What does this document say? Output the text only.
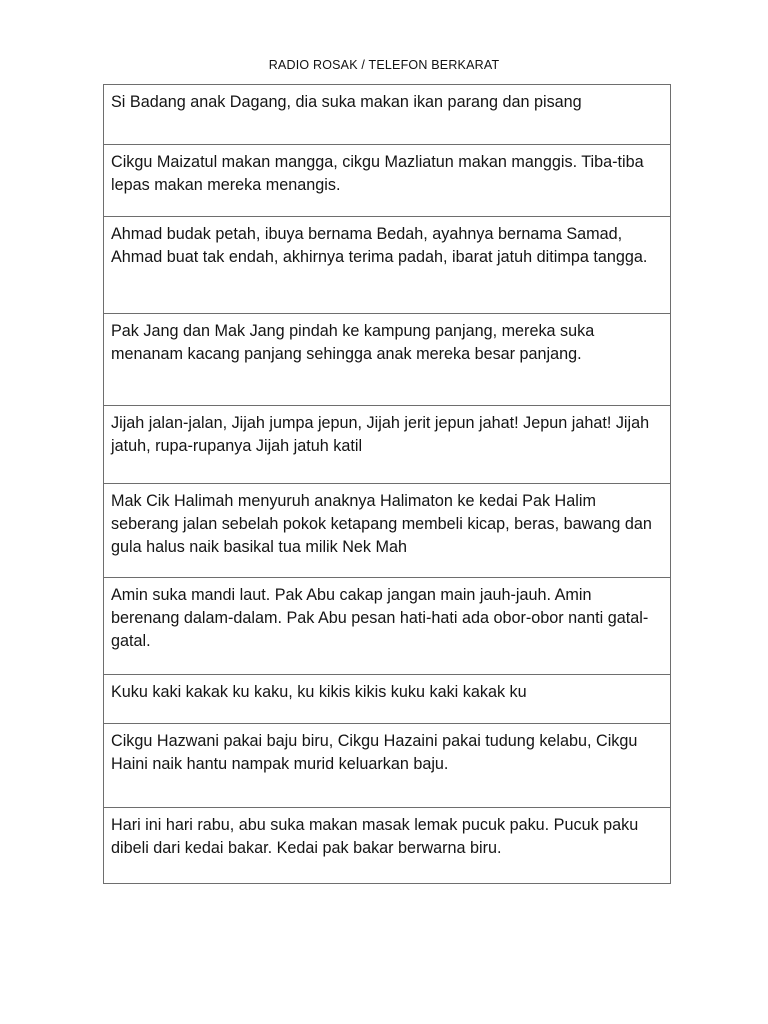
RADIO ROSAK / TELEFON BERKARAT
Si Badang anak Dagang, dia suka makan ikan parang dan pisang
Cikgu Maizatul makan mangga, cikgu Mazliatun makan manggis. Tiba-tiba lepas makan mereka menangis.
Ahmad budak petah, ibuya bernama Bedah, ayahnya bernama Samad, Ahmad buat tak endah, akhirnya terima padah, ibarat jatuh ditimpa tangga.
Pak Jang dan Mak Jang pindah ke kampung panjang, mereka suka menanam kacang panjang sehingga anak mereka besar panjang.
Jijah jalan-jalan, Jijah jumpa jepun, Jijah jerit jepun jahat! Jepun jahat! Jijah jatuh, rupa-rupanya Jijah jatuh katil
Mak Cik Halimah menyuruh anaknya Halimaton ke kedai Pak Halim seberang jalan sebelah pokok ketapang membeli kicap, beras, bawang dan gula halus naik basikal tua milik Nek Mah
Amin suka mandi laut. Pak Abu cakap jangan main jauh-jauh. Amin berenang dalam-dalam. Pak Abu pesan hati-hati ada obor-obor nanti gatal-gatal.
Kuku kaki kakak ku kaku, ku kikis kikis kuku kaki kakak ku
Cikgu Hazwani pakai baju biru, Cikgu Hazaini pakai tudung kelabu, Cikgu Haini naik hantu nampak murid keluarkan baju.
Hari ini hari rabu, abu suka makan masak lemak pucuk paku. Pucuk paku dibeli dari kedai bakar. Kedai pak bakar berwarna biru.
